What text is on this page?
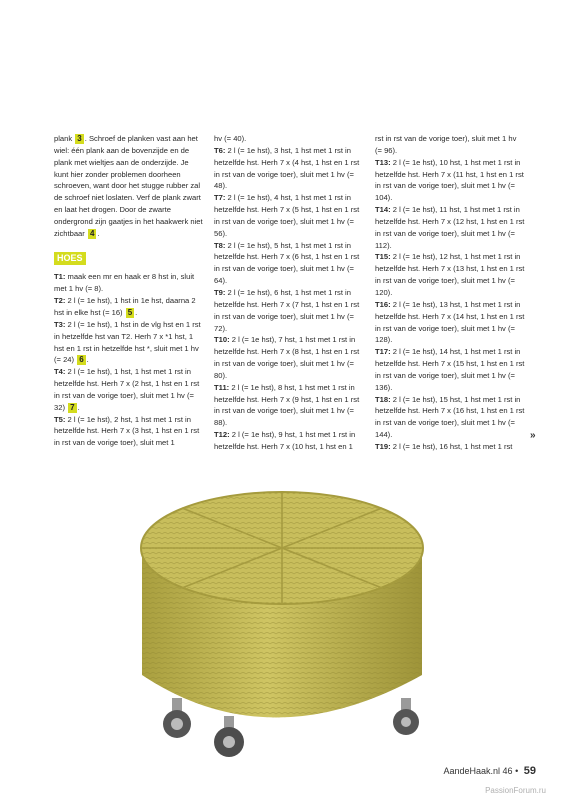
plank 3 . Schroef de planken vast aan het wiel: één plank aan de bovenzijde en de plank met wieltjes aan de onderzijde. Je kunt hier zonder problemen doorheen schroeven, want door het stugge rubber zal de schroef niet loslaten. Verf de plank zwart en laat het drogen. Door de zwarte ondergrond zijn gaatjes in het haakwerk niet zichtbaar 4 .

HOES

T1: maak een mr en haak er 8 hst in, sluit met 1 hv (= 8).

T2: 2 l (= 1e hst), 1 hst in 1e hst, daarna 2 hst in elke hst (= 16) 5 .

T3: 2 l (= 1e hst), 1 hst in de vlg hst en 1 rst in hetzelfde hst van T2. Herh 7 x *1 hst, 1 hst en 1 rst in hetzelfde hst *, sluit met 1 hv (= 24) 6 .

T4: 2 l (= 1e hst), 1 hst, 1 hst met 1 rst in hetzelfde hst. Herh 7 x (2 hst, 1 hst en 1 rst in rst van de vorige toer), sluit met 1 hv (= 32) 7 .

T5: 2 l (= 1e hst), 2 hst, 1 hst met 1 rst in hetzelfde hst. Herh 7 x (3 hst, 1 hst en 1 rst in rst van de vorige toer), sluit met 1

hv (= 40).

T6: 2 l (= 1e hst), 3 hst, 1 hst met 1 rst in hetzelfde hst. Herh 7 x (4 hst, 1 hst en 1 rst in rst van de vorige toer), sluit met 1 hv (= 48).

T7: 2 l (= 1e hst), 4 hst, 1 hst met 1 rst in hetzelfde hst. Herh 7 x (5 hst, 1 hst en 1 rst in rst van de vorige toer), sluit met 1 hv (= 56).

T8: 2 l (= 1e hst), 5 hst, 1 hst met 1 rst in hetzelfde hst. Herh 7 x (6 hst, 1 hst en 1 rst in rst van de vorige toer), sluit met 1 hv (= 64).

T9: 2 l (= 1e hst), 6 hst, 1 hst met 1 rst in hetzelfde hst. Herh 7 x (7 hst, 1 hst en 1 rst in rst van de vorige toer), sluit met 1 hv (= 72).

T10: 2 l (= 1e hst), 7 hst, 1 hst met 1 rst in hetzelfde hst. Herh 7 x (8 hst, 1 hst en 1 rst in rst van de vorige toer), sluit met 1 hv (= 80).

T11: 2 l (= 1e hst), 8 hst, 1 hst met 1 rst in hetzelfde hst. Herh 7 x (9 hst, 1 hst en 1 rst in rst van de vorige toer), sluit met 1 hv (= 88).

T12: 2 l (= 1e hst), 9 hst, 1 hst met 1 rst in hetzelfde hst. Herh 7 x (10 hst, 1 hst en 1

rst in rst van de vorige toer), sluit met 1 hv (= 96).

T13: 2 l (= 1e hst), 10 hst, 1 hst met 1 rst in hetzelfde hst. Herh 7 x (11 hst, 1 hst en 1 rst in rst van de vorige toer), sluit met 1 hv (= 104).

T14: 2 l (= 1e hst), 11 hst, 1 hst met 1 rst in hetzelfde hst. Herh 7 x (12 hst, 1 hst en 1 rst in rst van de vorige toer), sluit met 1 hv (= 112).

T15: 2 l (= 1e hst), 12 hst, 1 hst met 1 rst in hetzelfde hst. Herh 7 x (13 hst, 1 hst en 1 rst in rst van de vorige toer), sluit met 1 hv (= 120).

T16: 2 l (= 1e hst), 13 hst, 1 hst met 1 rst in hetzelfde hst. Herh 7 x (14 hst, 1 hst en 1 rst in rst van de vorige toer), sluit met 1 hv (= 128).

T17: 2 l (= 1e hst), 14 hst, 1 hst met 1 rst in hetzelfde hst. Herh 7 x (15 hst, 1 hst en 1 rst in rst van de vorige toer), sluit met 1 hv (= 136).

T18: 2 l (= 1e hst), 15 hst, 1 hst met 1 rst in hetzelfde hst. Herh 7 x (16 hst, 1 hst en 1 rst in rst van de vorige toer), sluit met 1 hv (= 144).

T19: 2 l (= 1e hst), 16 hst, 1 hst met 1 rst

»
AandeHaak.nl 46 • 59
PassionForum.ru
